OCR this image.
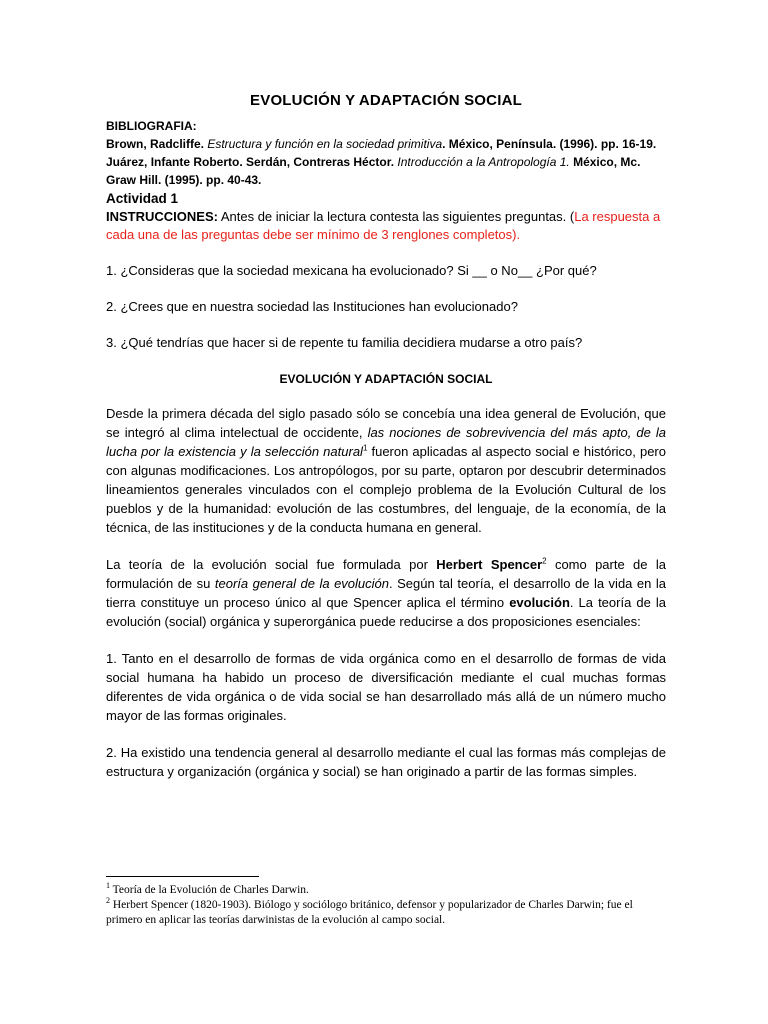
EVOLUCIÓN Y ADAPTACIÓN SOCIAL

BIBLIOGRAFIA:

Brown, Radcliffe. Estructura y función en la sociedad primitiva. México, Península. (1996). pp. 16-19.

Juárez, Infante Roberto. Serdán, Contreras Héctor. Introducción a la Antropología 1. México, Mc. Graw Hill. (1995). pp. 40-43.

Actividad 1

INSTRUCCIONES: Antes de iniciar la lectura contesta las siguientes preguntas. (La respuesta a cada una de las preguntas debe ser mínimo de 3 renglones completos).

1. ¿Consideras que la sociedad mexicana ha evolucionado? Si __ o No__ ¿Por qué?

2. ¿Crees que en nuestra sociedad las Instituciones han evolucionado?

3. ¿Qué tendrías que hacer si de repente tu familia decidiera mudarse a otro país?

EVOLUCIÓN Y ADAPTACIÓN SOCIAL

Desde la primera década del siglo pasado sólo se concebía una idea general de Evolución, que se integró al clima intelectual de occidente, las nociones de sobrevivencia del más apto, de la lucha por la existencia y la selección natural$^1$ fueron aplicadas al aspecto social e histórico, pero con algunas modificaciones. Los antropólogos, por su parte, optaron por descubrir determinados lineamientos generales vinculados con el complejo problema de la Evolución Cultural de los pueblos y de la humanidad: evolución de las costumbres, del lenguaje, de la economía, de la técnica, de las instituciones y de la conducta humana en general.

La teoría de la evolución social fue formulada por Herbert Spencer$^2$ como parte de la formulación de su teoría general de la evolución. Según tal teoría, el desarrollo de la vida en la tierra constituye un proceso único al que Spencer aplica el término evolución. La teoría de la evolución (social) orgánica y superorgánica puede reducirse a dos proposiciones esenciales:

1. Tanto en el desarrollo de formas de vida orgánica como en el desarrollo de formas de vida social humana ha habido un proceso de diversificación mediante el cual muchas formas diferentes de vida orgánica o de vida social se han desarrollado más allá de un número mucho mayor de las formas originales.

2. Ha existido una tendencia general al desarrollo mediante el cual las formas más complejas de estructura y organización (orgánica y social) se han originado a partir de las formas simples.

$^1$ Teoría de la Evolución de Charles Darwin.

$^2$ Herbert Spencer (1820-1903). Biólogo y sociólogo británico, defensor y popularizador de Charles Darwin; fue el primero en aplicar las teorías darwinistas de la evolución al campo social.
